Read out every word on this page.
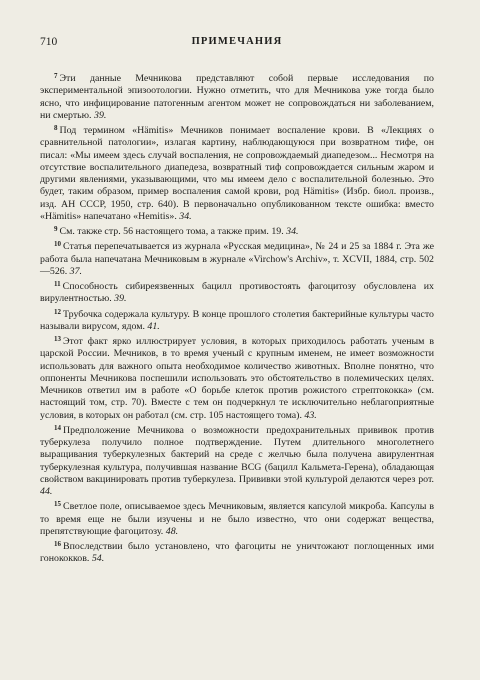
710	ПРИМЕЧАНИЯ

$^7$ Эти данные Мечникова представляют собой первые исследования по экспериментальной эпизоотологии. Нужно отметить, что для Мечникова уже тогда было ясно, что инфицирование патогенным агентом может не сопровождаться ни заболеванием, ни смертью. 39.

$^8$ Под термином «Hämitis» Мечников понимает воспаление крови. В «Лекциях о сравнительной патологии», излагая картину, наблюдающуюся при возвратном тифе, он писал: «Мы имеем здесь случай воспаления, не сопровождаемый диапедезом... Несмотря на отсутствие воспалительного диапедеза, возвратный тиф сопровождается сильным жаром и другими явлениями, указывающими, что мы имеем дело с воспалительной болезнью. Это будет, таким образом, пример воспаления самой крови, род Hämitis» (Избр. биол. произв., изд. АН СССР, 1950, стр. 640). В первоначально опубликованном тексте ошибка: вместо «Hämitis» напечатано «Hemitis». 34.

$^9$ См. также стр. 56 настоящего тома, а также прим. 19. 34.

$^{10}$ Статья перепечатывается из журнала «Русская медицина», № 24 и 25 за 1884 г. Эта же работа была напечатана Мечниковым в журнале «Virchow's Archiv», т. XCVII, 1884, стр. 502—526. 37.

$^{11}$ Способность сибиреязвенных бацилл противостоять фагоцитозу обусловлена их вирулентностью. 39.

$^{12}$ Трубочка содержала культуру. В конце прошлого столетия бактерийные культуры часто называли вирусом, ядом. 41.

$^{13}$ Этот факт ярко иллюстрирует условия, в которых приходилось работать ученым в царской России. Мечников, в то время ученый с крупным именем, не имеет возможности использовать для важного опыта необходимое количество животных. Вполне понятно, что оппоненты Мечникова поспешили использовать это обстоятельство в полемических целях. Мечников ответил им в работе «О борьбе клеток против рожистого стрептококка» (см. настоящий том, стр. 70). Вместе с тем он подчеркнул те исключительно неблагоприятные условия, в которых он работал (см. стр. 105 настоящего тома). 43.

$^{14}$ Предположение Мечникова о возможности предохранительных прививок против туберкулеза получило полное подтверждение. Путем длительного многолетнего выращивания туберкулезных бактерий на среде с желчью была получена авирулентная туберкулезная культура, получившая название BCG (бацилл Кальмета-Герена), обладающая свойством вакцинировать против туберкулеза. Прививки этой культурой делаются через рот. 44.

$^{15}$ Светлое поле, описываемое здесь Мечниковым, является капсулой микроба. Капсулы в то время еще не были изучены и не было известно, что они содержат вещества, препятствующие фагоцитозу. 48.

$^{16}$ Впоследствии было установлено, что фагоциты не уничтожают поглощенных ими гонококков. 54.
